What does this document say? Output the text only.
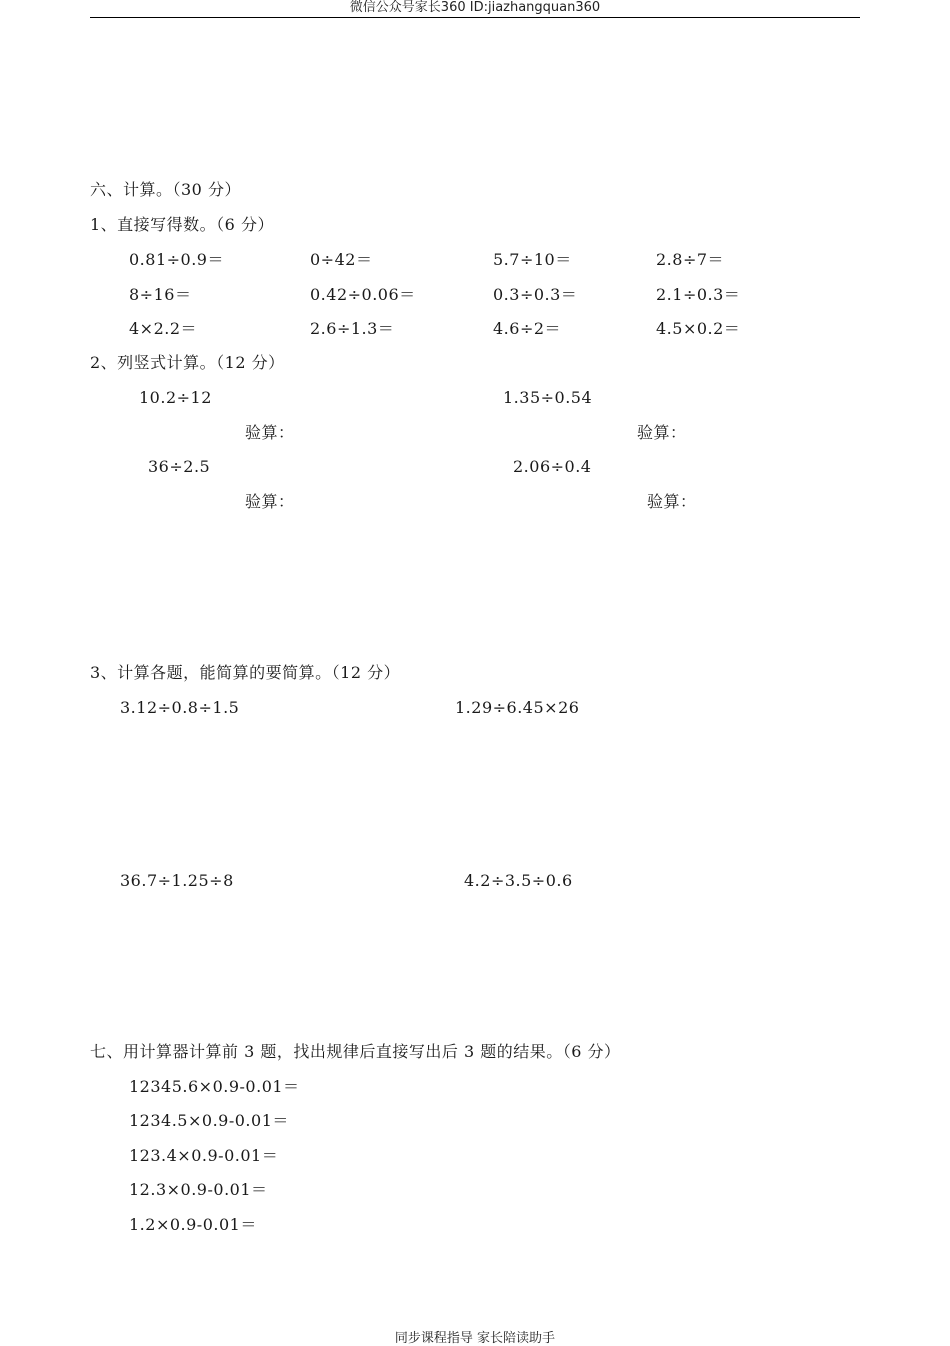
微信公众号家长360 ID:jiazhangquan360
六、计算。（30 分）
1、直接写得数。（6 分）
0.81÷0.9＝	0÷42＝	5.7÷10＝	2.8÷7＝
8÷16＝	0.42÷0.06＝	0.3÷0.3＝	2.1÷0.3＝
4×2.2＝	2.6÷1.3＝	4.6÷2＝	4.5×0.2＝
2、列竖式计算。（12 分）
10.2÷12	1.35÷0.54
验算：	验算：
36÷2.5	2.06÷0.4
验算：	验算：
3、计算各题，能简算的要简算。（12 分）
3.12÷0.8÷1.5	1.29÷6.45×26
36.7÷1.25÷8	4.2÷3.5÷0.6
七、用计算器计算前 3 题，找出规律后直接写出后 3 题的结果。（6 分）
12345.6×0.9-0.01＝
1234.5×0.9-0.01＝
123.4×0.9-0.01＝
12.3×0.9-0.01＝
1.2×0.9-0.01＝
同步课程指导 家长陪读助手
